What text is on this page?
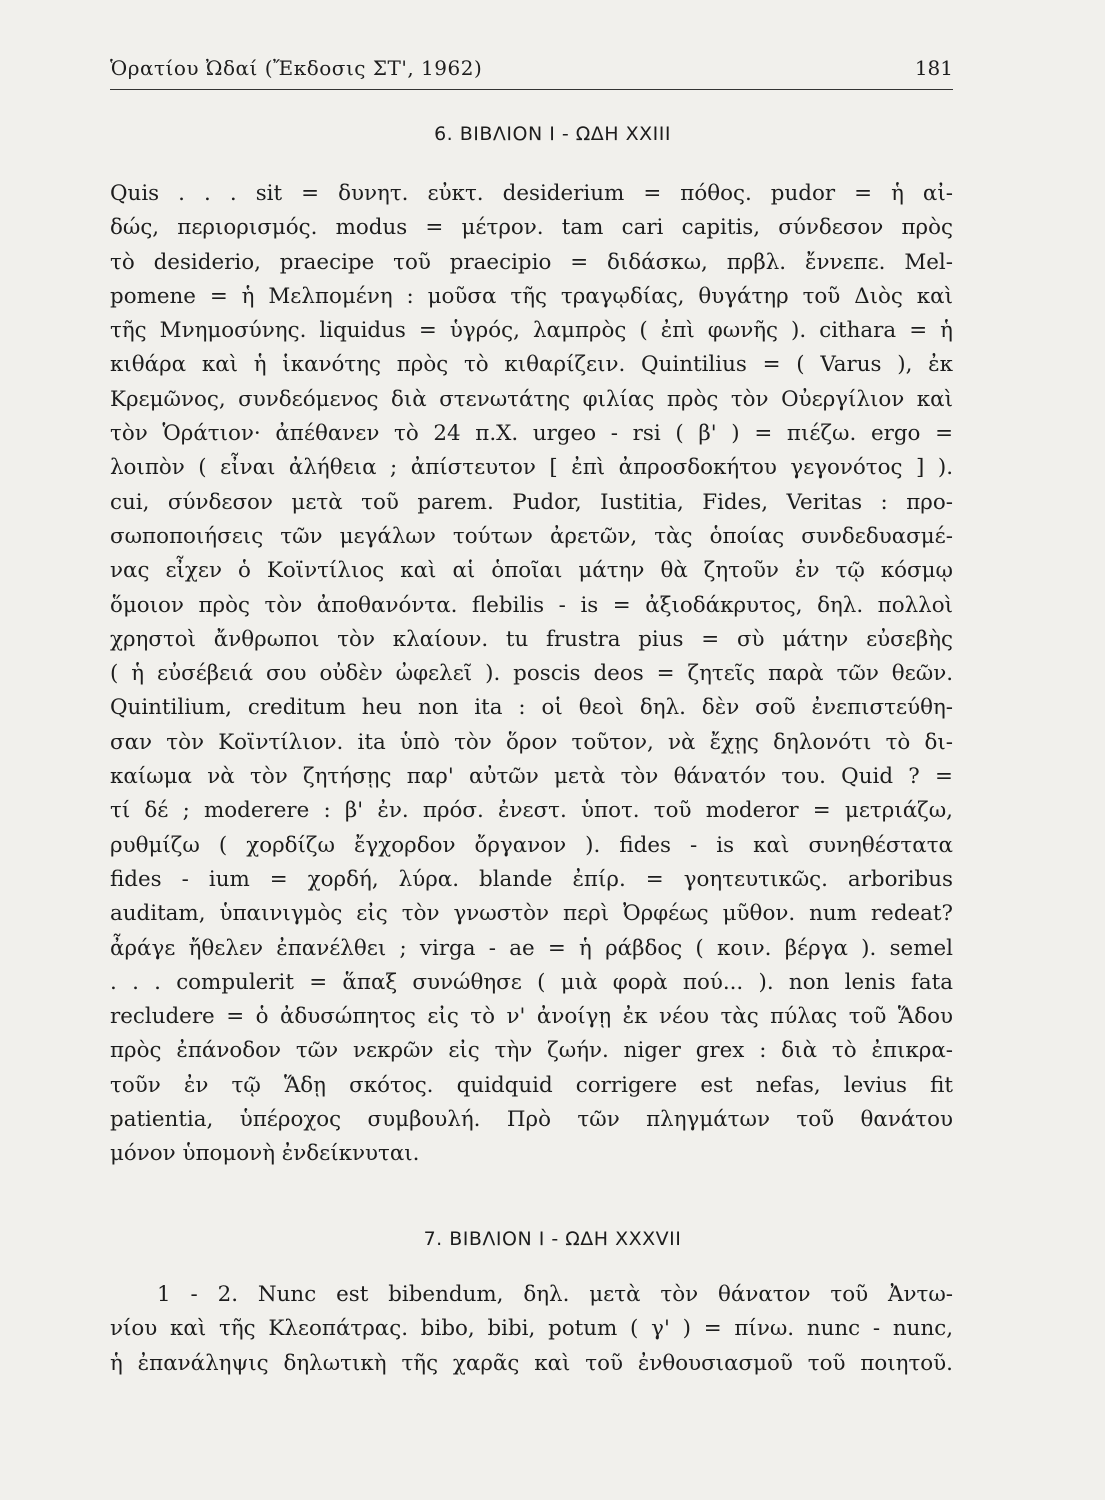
Ὁρατίου Ὠδαί (Ἔκδοσις ΣΤ', 1962)	181
6. ΒΙΒΛΙΟΝ Ι - ΩΔΗ XXIII
Quis . . . sit = δυνητ. εὐκτ. desiderium = πόθος. pudor = ἡ αἰ-
δώς, περιορισμός. modus = μέτρον. tam cari capitis, σύνδεσον πρὸς
τὸ desiderio, praecipe τοῦ praecipio = διδάσκω, πρβλ. ἔννεπε. Mel-
pomene = ἡ Μελπομένη : μοῦσα τῆς τραγῳδίας, θυγάτηρ τοῦ Διὸς καὶ
τῆς Μνημοσύνης. liquidus = ὑγρός, λαμπρὸς ( ἐπὶ φωνῆς ). cithara = ἡ
κιθάρα καὶ ἡ ἱκανότης πρὸς τὸ κιθαρίζειν. Quintilius = ( Varus ), ἐκ
Κρεμῶνος, συνδεόμενος διὰ στενωτάτης φιλίας πρὸς τὸν Οὐεργίλιον καὶ
τὸν Ὁράτιον· ἀπέθανεν τὸ 24 π.Χ. urgeo - rsi ( β' ) = πιέζω. ergo =
λοιπὸν ( εἶναι ἀλήθεια ; ἀπίστευτον [ ἐπὶ ἀπροσδοκήτου γεγονότος ] ).
cui, σύνδεσον μετὰ τοῦ parem. Pudor, Iustitia, Fides, Veritas : προ-
σωποποιήσεις τῶν μεγάλων τούτων ἀρετῶν, τὰς ὁποίας συνδεδυασμέ-
νας εἶχεν ὁ Κοϊντίλιος καὶ αἱ ὁποῖαι μάτην θὰ ζητοῦν ἐν τῷ κόσμῳ
ὅμοιον πρὸς τὸν ἀποθανόντα. flebilis - is = ἀξιοδάκρυτος, δηλ. πολλοὶ
χρηστοὶ ἄνθρωποι τὸν κλαίουν. tu frustra pius = σὺ μάτην εὐσεβὴς
( ἡ εὐσέβειά σου οὐδὲν ὠφελεῖ ). poscis deos = ζητεῖς παρὰ τῶν θεῶν.
Quintilium, creditum heu non ita : οἱ θεοὶ δηλ. δὲν σοῦ ἐνεπιστεύθη-
σαν τὸν Κοϊντίλιον. ita ὑπὸ τὸν ὅρον τοῦτον, νὰ ἔχῃς δηλονότι τὸ δι-
καίωμα νὰ τὸν ζητήσῃς παρ' αὐτῶν μετὰ τὸν θάνατόν του. Quid ? =
τί δέ ; moderere : β' ἐν. πρόσ. ἐνεστ. ὑποτ. τοῦ moderor = μετριάζω,
ρυθμίζω ( χορδίζω ἔγχορδον ὄργανον ). fides - is καὶ συνηθέστατα
fides - ium = χορδή, λύρα. blande ἐπίρ. = γοητευτικῶς. arboribus
auditam, ὑπαινιγμὸς εἰς τὸν γνωστὸν περὶ Ὀρφέως μῦθον. num redeat?
ἆράγε ἤθελεν ἐπανέλθει ; virga - ae = ἡ ράβδος ( κοιν. βέργα ). semel
. . . compulerit = ἅπαξ συνώθησε ( μιὰ φορὰ πού... ). non lenis fata
recludere = ὁ ἀδυσώπητος εἰς τὸ ν' ἀνοίγῃ ἐκ νέου τὰς πύλας τοῦ Ἅδου
πρὸς ἐπάνοδον τῶν νεκρῶν εἰς τὴν ζωήν. niger grex : διὰ τὸ ἐπικρα-
τοῦν ἐν τῷ Ἅδῃ σκότος. quidquid corrigere est nefas, levius fit
patientia, ὑπέροχος συμβουλή. Πρὸ τῶν πληγμάτων τοῦ θανάτου
μόνον ὑπομονὴ ἐνδείκνυται.
7. ΒΙΒΛΙΟΝ Ι - ΩΔΗ XXXVII
1 - 2. Nunc est bibendum, δηλ. μετὰ τὸν θάνατον τοῦ Ἀντω-
νίου καὶ τῆς Κλεοπάτρας. bibo, bibi, potum ( γ' ) = πίνω. nunc - nunc,
ἡ ἐπανάληψις δηλωτικὴ τῆς χαρᾶς καὶ τοῦ ἐνθουσιασμοῦ τοῦ ποιητοῦ.
